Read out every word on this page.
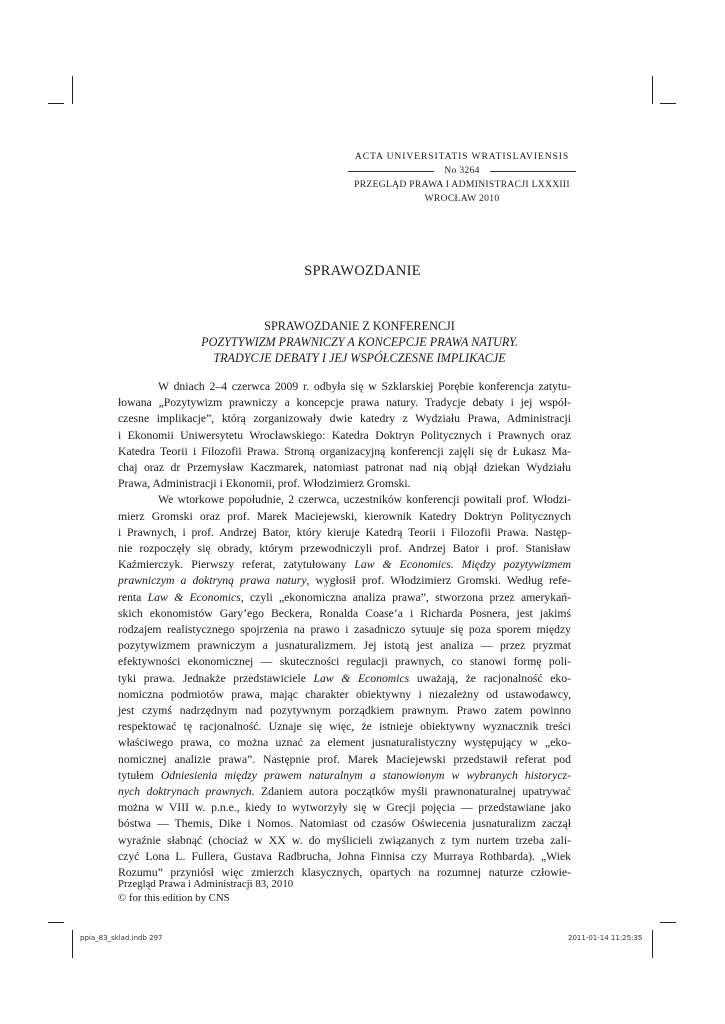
ACTA UNIVERSITATIS WRATISLAVIENSIS
No 3264
PRZEGLĄD PRAWA I ADMINISTRACJI LXXXIII
WROCŁAW 2010
SPRAWOZDANIE
SPRAWOZDANIE Z KONFERENCJI
POZYTYWIZM PRAWNICZY A KONCEPCJE PRAWA NATURY.
TRADYCJE DEBATY I JEJ WSPÓŁCZESNE IMPLIKACJE
W dniach 2–4 czerwca 2009 r. odbyła się w Szklarskiej Porębie konferencja zatytu-
łowana „Pozytywizm prawniczy a koncepcje prawa natury. Tradycje debaty i jej współ-
czesne implikacje”, którą zorganizowały dwie katedry z Wydziału Prawa, Administracji
i Ekonomii Uniwersytetu Wrocławskiego: Katedra Doktryn Politycznych i Prawnych oraz
Katedra Teorii i Filozofii Prawa. Stroną organizacyjną konferencji zajęli się dr Łukasz Ma-
chaj oraz dr Przemysław Kaczmarek, natomiast patronat nad nią objął dziekan Wydziału
Prawa, Administracji i Ekonomii, prof. Włodzimierz Gromski.
We wtorkowe popołudnie, 2 czerwca, uczestników konferencji powitali prof. Włodzi-
mierz Gromski oraz prof. Marek Maciejewski, kierownik Katedry Doktryn Politycznych
i Prawnych, i prof. Andrzej Bator, który kieruje Katedrą Teorii i Filozofii Prawa. Następ-
nie rozpoczęły się obrady, którym przewodniczyli prof. Andrzej Bator i prof. Stanisław
Kaźmierczyk. Pierwszy referat, zatytułowany Law & Economics. Między pozytywizmem
prawniczym a doktryną prawa natury, wygłosił prof. Włodzimierz Gromski. Według refe-
renta Law & Economics, czyli „ekonomiczna analiza prawa”, stworzona przez amerykań-
skich ekonomistów Gary’ego Beckera, Ronalda Coase’a i Richarda Posnera, jest jakimś
rodzajem realistycznego spojrzenia na prawo i zasadniczo sytuuje się poza sporem między
pozytywizmem prawniczym a jusnaturalizmem. Jej istotą jest analiza — przez pryzmat
efektywności ekonomicznej — skuteczności regulacji prawnych, co stanowi formę poli-
tyki prawa. Jednakże przedstawiciele Law & Economics uważają, że racjonalność eko-
nomiczna podmiotów prawa, mając charakter obiektywny i niezależny od ustawodawcy,
jest czymś nadrzędnym nad pozytywnym porządkiem prawnym. Prawo zatem powinno
respektować tę racjonalność. Uznaje się więc, że istnieje obiektywny wyznacznik treści
właściwego prawa, co można uznać za element jusnaturalistyczny występujący w „eko-
nomicznej analizie prawa”. Następnie prof. Marek Maciejewski przedstawił referat pod
tytułem Odniesienia między prawem naturalnym a stanowionym w wybranych historycz-
nych doktrynach prawnych. Zdaniem autora początków myśli prawnonaturalnej upatrywać
można w VIII w. p.n.e., kiedy to wytworzyły się w Grecji pojęcia — przedstawiane jako
bóstwa — Themis, Dike i Nomos. Natomiast od czasów Oświecenia jusnaturalizm zaczął
wyraźnie słabnąć (chociaż w XX w. do myślicieli związanych z tym nurtem trzeba zali-
czyć Lona L. Fullera, Gustava Radbrucha, Johna Finnisa czy Murraya Rothbarda). „Wiek
Rozumu” przyniósł więc zmierzch klasycznych, opartych na rozumnej naturze człowie-
Przegląd Prawa i Administracji 83, 2010
© for this edition by CNS
ppia_83_sklad.indb 297	2011-01-14 11:25:35
